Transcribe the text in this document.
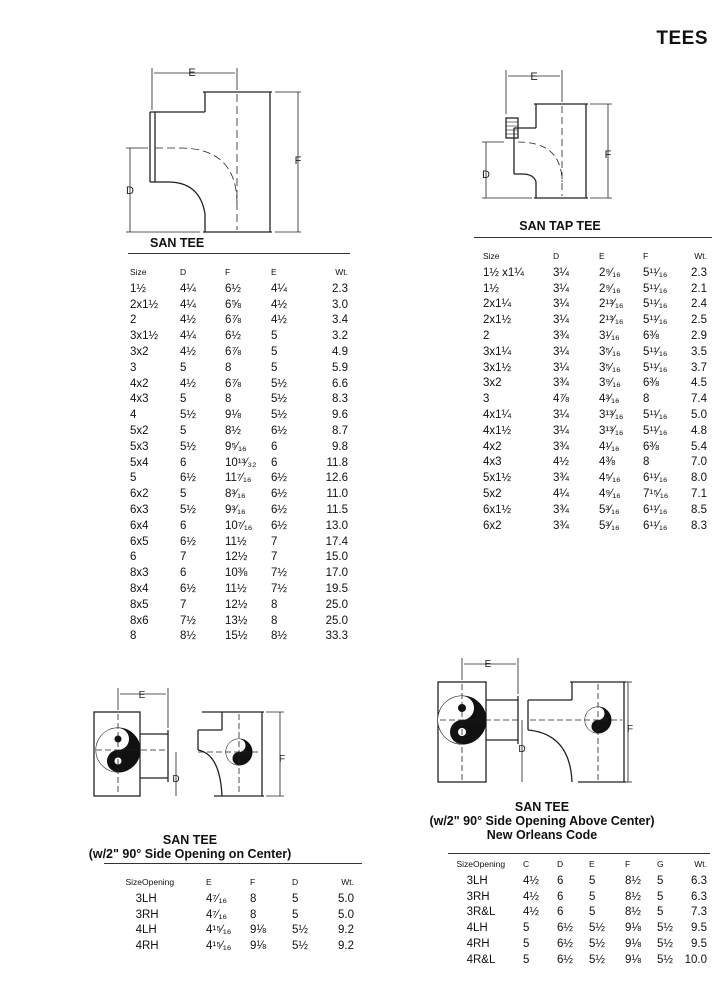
TEES
E
F
D
SAN TEE
Size	D	F	E	Wt.
1½	4¼	6½	4¼	2.3
2x1½	4¼	6⅝	4½	3.0
2	4½	6⅞	4½	3.4
3x1½	4¼	6½	5	3.2
3x2	4½	6⅞	5	4.9
3	5	8	5	5.9
4x2	4½	6⅞	5½	6.6
4x3	5	8	5½	8.3
4	5½	9⅛	5½	9.6
5x2	5	8½	6½	8.7
5x3	5½	9⁵⁄₁₆	6	9.8
5x4	6	10¹³⁄₃₂	6	11.8
5	6½	11⁷⁄₁₆	6½	12.6
6x2	5	8³⁄₁₆	6½	11.0
6x3	5½	9³⁄₁₆	6½	11.5
6x4	6	10⁷⁄₁₆	6½	13.0
6x5	6½	11½	7	17.4
6	7	12½	7	15.0
8x3	6	10⅜	7½	17.0
8x4	6½	11½	7½	19.5
8x5	7	12½	8	25.0
8x6	7½	13½	8	25.0
8	8½	15½	8½	33.3
E
F
D
SAN TAP TEE
Size	D	E	F	Wt.
1½ x1¼	3¼	2⁹⁄₁₆	5¹¹⁄₁₆	2.3
1½	3¼	2⁹⁄₁₆	5¹¹⁄₁₆	2.1
2x1¼	3¼	2¹³⁄₁₆	5¹¹⁄₁₆	2.4
2x1½	3¼	2¹³⁄₁₆	5¹¹⁄₁₆	2.5
2	3¾	3¹⁄₁₆	6⅜	2.9
3x1¼	3¼	3⁵⁄₁₆	5¹¹⁄₁₆	3.5
3x1½	3¼	3⁵⁄₁₆	5¹¹⁄₁₆	3.7
3x2	3¾	3⁹⁄₁₆	6⅜	4.5
3	4⅞	4³⁄₁₆	8	7.4
4x1¼	3¼	3¹³⁄₁₆	5¹¹⁄₁₆	5.0
4x1½	3¼	3¹³⁄₁₆	5¹¹⁄₁₆	4.8
4x2	3¾	4¹⁄₁₆	6⅜	5.4
4x3	4½	4⅜	8	7.0
5x1½	3¾	4⁵⁄₁₆	6¹¹⁄₁₆	8.0
5x2	4¼	4⁹⁄₁₆	7¹⁵⁄₁₆	7.1
6x1½	3¾	5³⁄₁₆	6¹¹⁄₁₆	8.5
6x2	3¾	5³⁄₁₆	6¹¹⁄₁₆	8.3
E
F
D
SAN TEE
(w/2" 90° Side Opening on Center)
Size	Opening	E	F	D	Wt.
3	LH	4⁷⁄₁₆	8	5	5.0
3	RH	4⁷⁄₁₆	8	5	5.0
4	LH	4¹⁵⁄₁₆	9⅛	5½	9.2
4	RH	4¹⁵⁄₁₆	9⅛	5½	9.2
E
F
D
SAN TEE
(w/2" 90° Side Opening Above Center)
New Orleans Code
Size	Opening	C	D	E	F	G	Wt.
3	LH	4½	6	5	8½	5	6.3
3	RH	4½	6	5	8½	5	6.3
3	R&L	4½	6	5	8½	5	7.3
4	LH	5	6½	5½	9⅛	5½	9.5
4	RH	5	6½	5½	9⅛	5½	9.5
4	R&L	5	6½	5½	9⅛	5½	10.0
